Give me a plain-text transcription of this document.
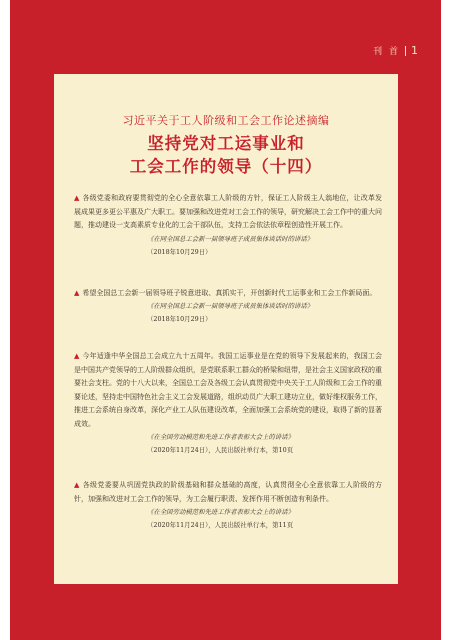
刊 首 1

习近平关于工人阶级和工会工作论述摘编

坚持党对工运事业和
工会工作的领导（十四）

▲ 各级党委和政府要贯彻党的全心全意依靠工人阶级的方针，保证工人阶级主人翁地位，让改革发展成果更多更公平惠及广大职工。要加强和改进党对工会工作的领导，研究解决工会工作中的重大问题，推动建设一支高素质专业化的工会干部队伍，支持工会依法依章程创造性开展工作。

《在同全国总工会新一届领导班子成员集体谈话时的讲话》

（2018年10月29日）

▲ 希望全国总工会新一届领导班子锐意进取、真抓实干，开创新时代工运事业和工会工作新局面。

《在同全国总工会新一届领导班子成员集体谈话时的讲话》

（2018年10月29日）

▲ 今年适逢中华全国总工会成立九十五周年。我国工运事业是在党的领导下发展起来的，我国工会是中国共产党领导的工人阶级群众组织，是党联系职工群众的桥梁和纽带，是社会主义国家政权的重要社会支柱。党的十八大以来，全国总工会及各级工会认真贯彻党中央关于工人阶级和工会工作的重要论述，坚持走中国特色社会主义工会发展道路，组织动员广大职工建功立业，做好维权服务工作，推进工会系统自身改革，深化产业工人队伍建设改革，全面加强工会系统党的建设，取得了新的显著成效。

《在全国劳动模范和先进工作者表彰大会上的讲话》

（2020年11月24日），人民出版社单行本，第10页

▲ 各级党委要从巩固党执政的阶级基础和群众基础的高度，认真贯彻全心全意依靠工人阶级的方针，加强和改进对工会工作的领导，为工会履行职责、发挥作用不断创造有利条件。

《在全国劳动模范和先进工作者表彰大会上的讲话》

（2020年11月24日），人民出版社单行本，第11页
